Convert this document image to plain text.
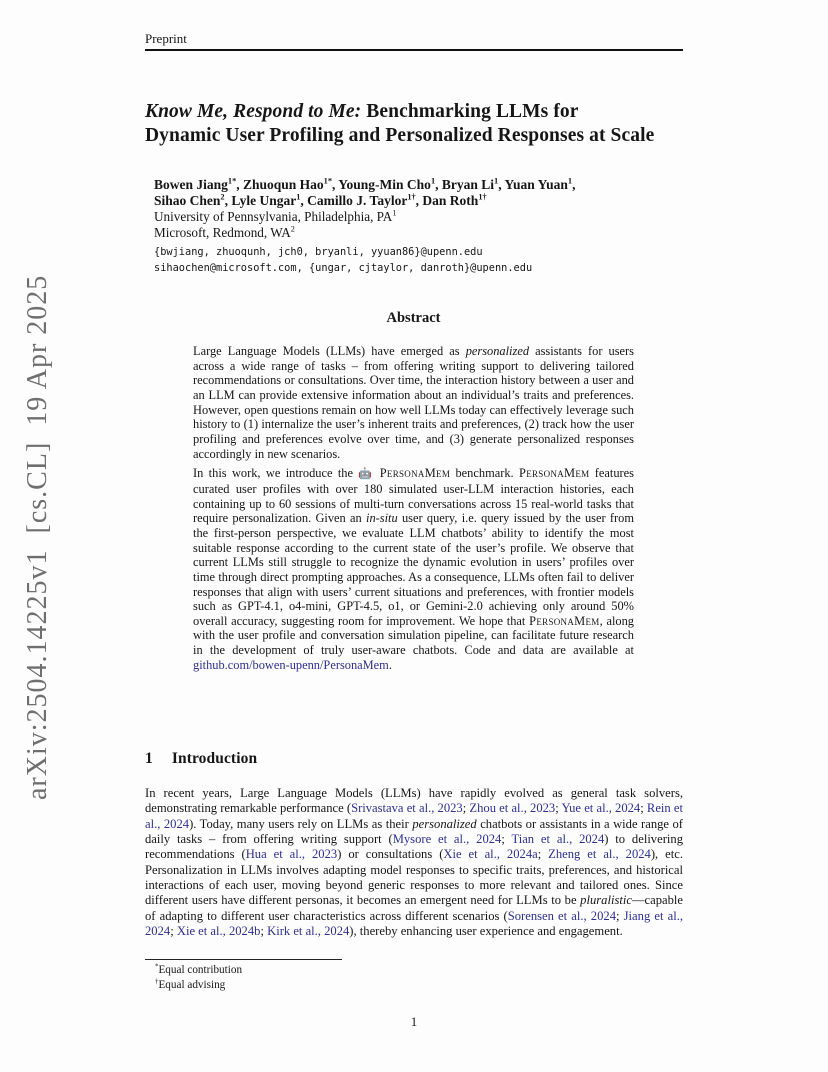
arXiv:2504.14225v1  [cs.CL]  19 Apr 2025
Preprint
Know Me, Respond to Me: Benchmarking LLMs for
Dynamic User Profiling and Personalized Responses at Scale
Bowen Jiang$^{1*}$, Zhuoqun Hao$^{1*}$, Young-Min Cho$^1$, Bryan Li$^1$, Yuan Yuan$^1$,
Sihao Chen$^2$, Lyle Ungar$^1$, Camillo J. Taylor$^{1\dagger}$, Dan Roth$^{1\dagger}$
University of Pennsylvania, Philadelphia, $PA^1$
Microsoft, Redmond, $WA^2$
{bwjiang, zhuoqunh, jch0, bryanli, yyuan86}@upenn.edu
sihaochen@microsoft.com, {ungar, cjtaylor, danroth}@upenn.edu
Abstract

Large Language Models (LLMs) have emerged as personalized assistants for users across a wide range of tasks – from offering writing support to delivering tailored recommendations or consultations. Over time, the interaction history between a user and an LLM can provide extensive information about an individual’s traits and preferences. However, open questions remain on how well LLMs today can effectively leverage such history to (1) internalize the user’s inherent traits and preferences, (2) track how the user profiling and preferences evolve over time, and (3) generate personalized responses accordingly in new scenarios.

In this work, we introduce the 🤖 PersonaMem benchmark. PersonaMem features curated user profiles with over 180 simulated user-LLM interaction histories, each containing up to 60 sessions of multi-turn conversations across 15 real-world tasks that require personalization. Given an in-situ user query, i.e. query issued by the user from the first-person perspective, we evaluate LLM chatbots’ ability to identify the most suitable response according to the current state of the user’s profile. We observe that current LLMs still struggle to recognize the dynamic evolution in users’ profiles over time through direct prompting approaches. As a consequence, LLMs often fail to deliver responses that align with users’ current situations and preferences, with frontier models such as GPT-4.1, o4-mini, GPT-4.5, o1, or Gemini-2.0 achieving only around 50% overall accuracy, suggesting room for improvement. We hope that PersonaMem, along with the user profile and conversation simulation pipeline, can facilitate future research in the development of truly user-aware chatbots. Code and data are available at github.com/bowen-upenn/PersonaMem.

1 Introduction

In recent years, Large Language Models (LLMs) have rapidly evolved as general task solvers, demonstrating remarkable performance (Srivastava et al., 2023; Zhou et al., 2023; Yue et al., 2024; Rein et al., 2024). Today, many users rely on LLMs as their personalized chatbots or assistants in a wide range of daily tasks – from offering writing support (Mysore et al., 2024; Tian et al., 2024) to delivering recommendations (Hua et al., 2023) or consultations (Xie et al., 2024a; Zheng et al., 2024), etc. Personalization in LLMs involves adapting model responses to specific traits, preferences, and historical interactions of each user, moving beyond generic responses to more relevant and tailored ones. Since different users have different personas, it becomes an emergent need for LLMs to be pluralistic—capable of adapting to different user characteristics across different scenarios (Sorensen et al., 2024; Jiang et al., 2024; Xie et al., 2024b; Kirk et al., 2024), thereby enhancing user experience and engagement.

*Equal contribution
†Equal advising
1
